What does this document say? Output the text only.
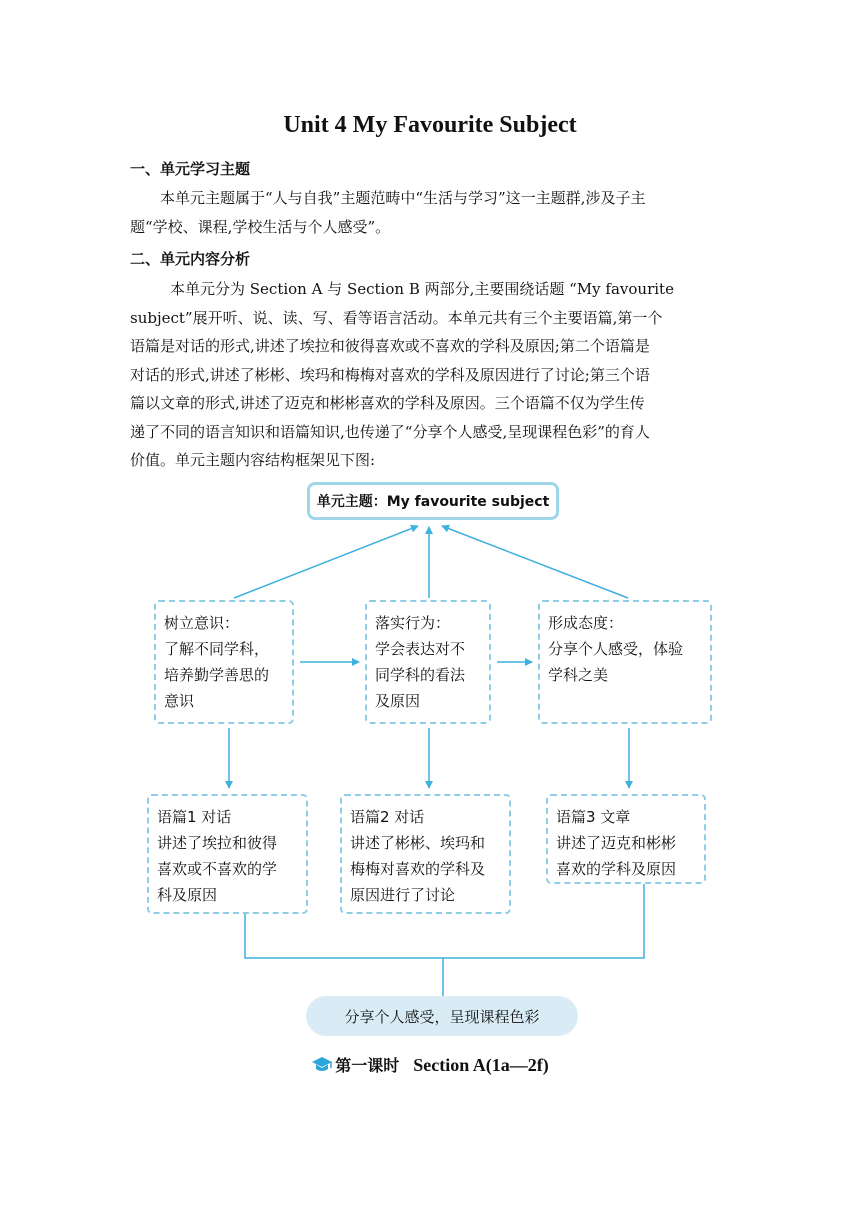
Unit 4 My Favourite Subject
一、单元学习主题

本单元主题属于“人与自我”主题范畴中“生活与学习”这一主题群,涉及子主

题“学校、课程,学校生活与个人感受”。

二、单元内容分析

本单元分为 Section A 与 Section B 两部分,主要围绕话题 “My favourite

subject”展开听、说、读、写、看等语言活动。本单元共有三个主要语篇,第一个

语篇是对话的形式,讲述了埃拉和彼得喜欢或不喜欢的学科及原因;第二个语篇是

对话的形式,讲述了彬彬、埃玛和梅梅对喜欢的学科及原因进行了讨论;第三个语

篇以文章的形式,讲述了迈克和彬彬喜欢的学科及原因。三个语篇不仅为学生传

递了不同的语言知识和语篇知识,也传递了“分享个人感受,呈现课程色彩”的育人

价值。单元主题内容结构框架见下图:

单元主题：My favourite subject
树立意识：
了解不同学科，
培养勤学善思的
意识
落实行为：
学会表达对不
同学科的看法
及原因
形成态度：
分享个人感受，体验
学科之美
语篇1 对话
讲述了埃拉和彼得
喜欢或不喜欢的学
科及原因
语篇2 对话
讲述了彬彬、埃玛和
梅梅对喜欢的学科及
原因进行了讨论
语篇3 文章
讲述了迈克和彬彬
喜欢的学科及原因
分享个人感受，呈现课程色彩
第一课时 Section A(1a—2f)
